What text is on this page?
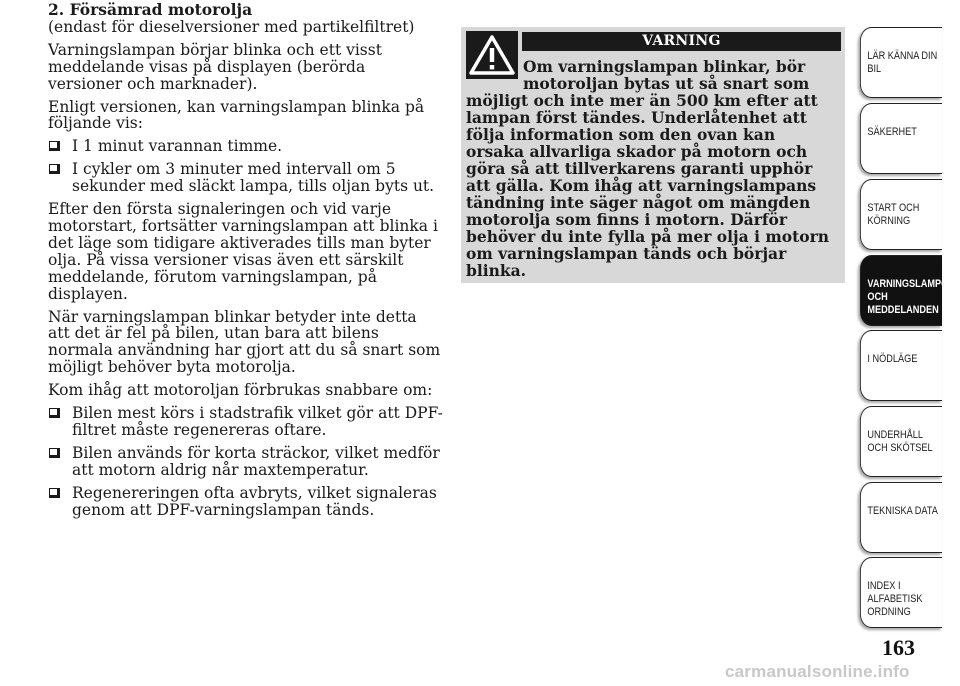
2. Försämrad motorolja
(endast för dieselversioner med partikelfiltret)

Varningslampan börjar blinka och ett visst meddelande visas på displayen (berörda versioner och marknader).

Enligt versionen, kan varningslampan blinka på följande vis:

I 1 minut varannan timme.
I cykler om 3 minuter med intervall om 5 sekunder med släckt lampa, tills oljan byts ut.

Efter den första signaleringen och vid varje motorstart, fortsätter varningslampan att blinka i det läge som tidigare aktiverades tills man byter olja. På vissa versioner visas även ett särskilt meddelande, förutom varningslampan, på displayen.

När varningslampan blinkar betyder inte detta att det är fel på bilen, utan bara att bilens normala användning har gjort att du så snart som möjligt behöver byta motorolja.

Kom ihåg att motoroljan förbrukas snabbare om:

Bilen mest körs i stadstrafik vilket gör att DPF-filtret måste regenereras oftare.
Bilen används för korta sträckor, vilket medför att motorn aldrig når maxtemperatur.
Regenereringen ofta avbryts, vilket signaleras genom att DPF-varningslampan tänds.
VARNING
Om varningslampan blinkar, bör motoroljan bytas ut så snart som möjligt och inte mer än 500 km efter att lampan först tändes. Underlåtenhet att följa information som den ovan kan orsaka allvarliga skador på motorn och göra så att tillverkarens garanti upphör att gälla. Kom ihåg att varningslampans tändning inte säger något om mängden motorolja som finns i motorn. Därför behöver du inte fylla på mer olja i motorn om varningslampan tänds och börjar blinka.
LÄR KÄNNA DIN BIL
SÄKERHET
START OCH KÖRNING
VARNINGSLAMPOR OCH MEDDELANDEN
I NÖDLÄGE
UNDERHÅLL OCH SKÖTSEL
TEKNISKA DATA
INDEX I ALFABETISK ORDNING
163
carmanualsonline.info
